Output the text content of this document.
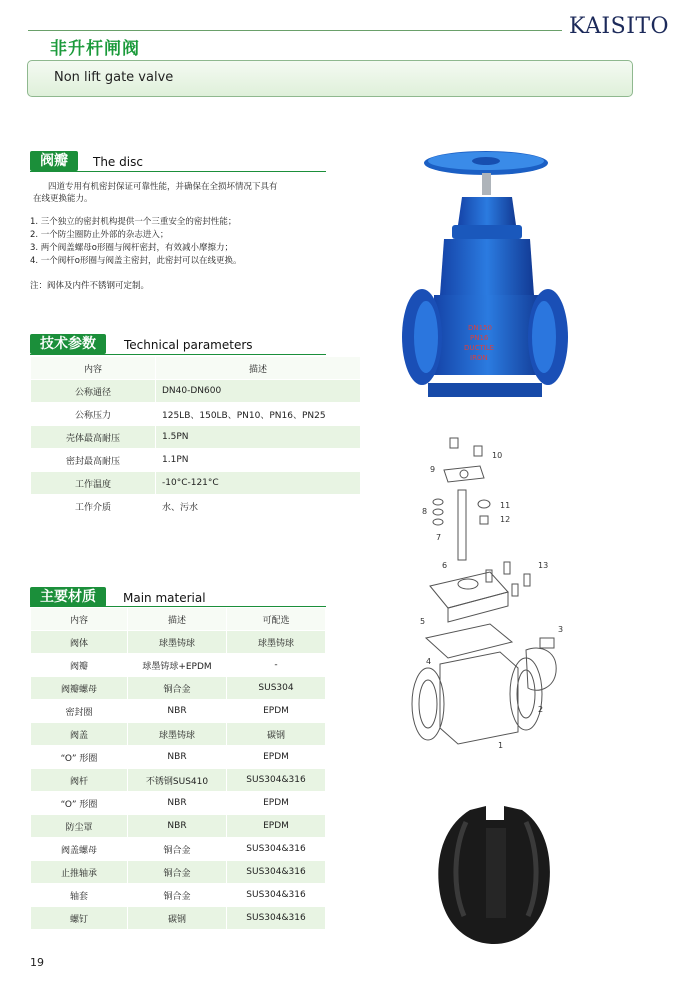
KAISITO
非升杆闸阀
Non lift gate valve
阀瓣	The disc
四道专用有机密封保证可靠性能，并确保在全损坏情况下具有
在线更换能力。
1. 三个独立的密封机构提供一个三重安全的密封性能；
2. 一个防尘圈防止外部的杂志进入；
3. 两个阀盖螺母o形圈与阀杆密封，有效减小摩擦力；
4. 一个阀杆o形圈与阀盖主密封，此密封可以在线更换。
注：阀体及内件不锈钢可定制。
技术参数	Technical parameters
内容	描述
公称通径	DN40-DN600
公称压力	125LB、150LB、PN10、PN16、PN25
壳体最高耐压	1.5PN
密封最高耐压	1.1PN
工作温度	-10°C-121°C
工作介质	水、污水
主要材质	Main material
内容	描述	可配选
阀体	球墨铸球	球墨铸球
阀瓣	球墨铸球+EPDM	-
阀瓣螺母	铜合金	SUS304
密封圈	NBR	EPDM
阀盖	球墨铸球	碳钢
“O” 形圈	NBR	EPDM
阀杆	不锈钢SUS410	SUS304&316
“O” 形圈	NBR	EPDM
防尘罩	NBR	EPDM
阀盖螺母	铜合金	SUS304&316
止推轴承	铜合金	SUS304&316
轴套	铜合金	SUS304&316
螺钉	碳钢	SUS304&316
DN150
PN16
DUCTILE
IRON
10
9
8
11
12
7
6	13
5
3
4
2
1
19
